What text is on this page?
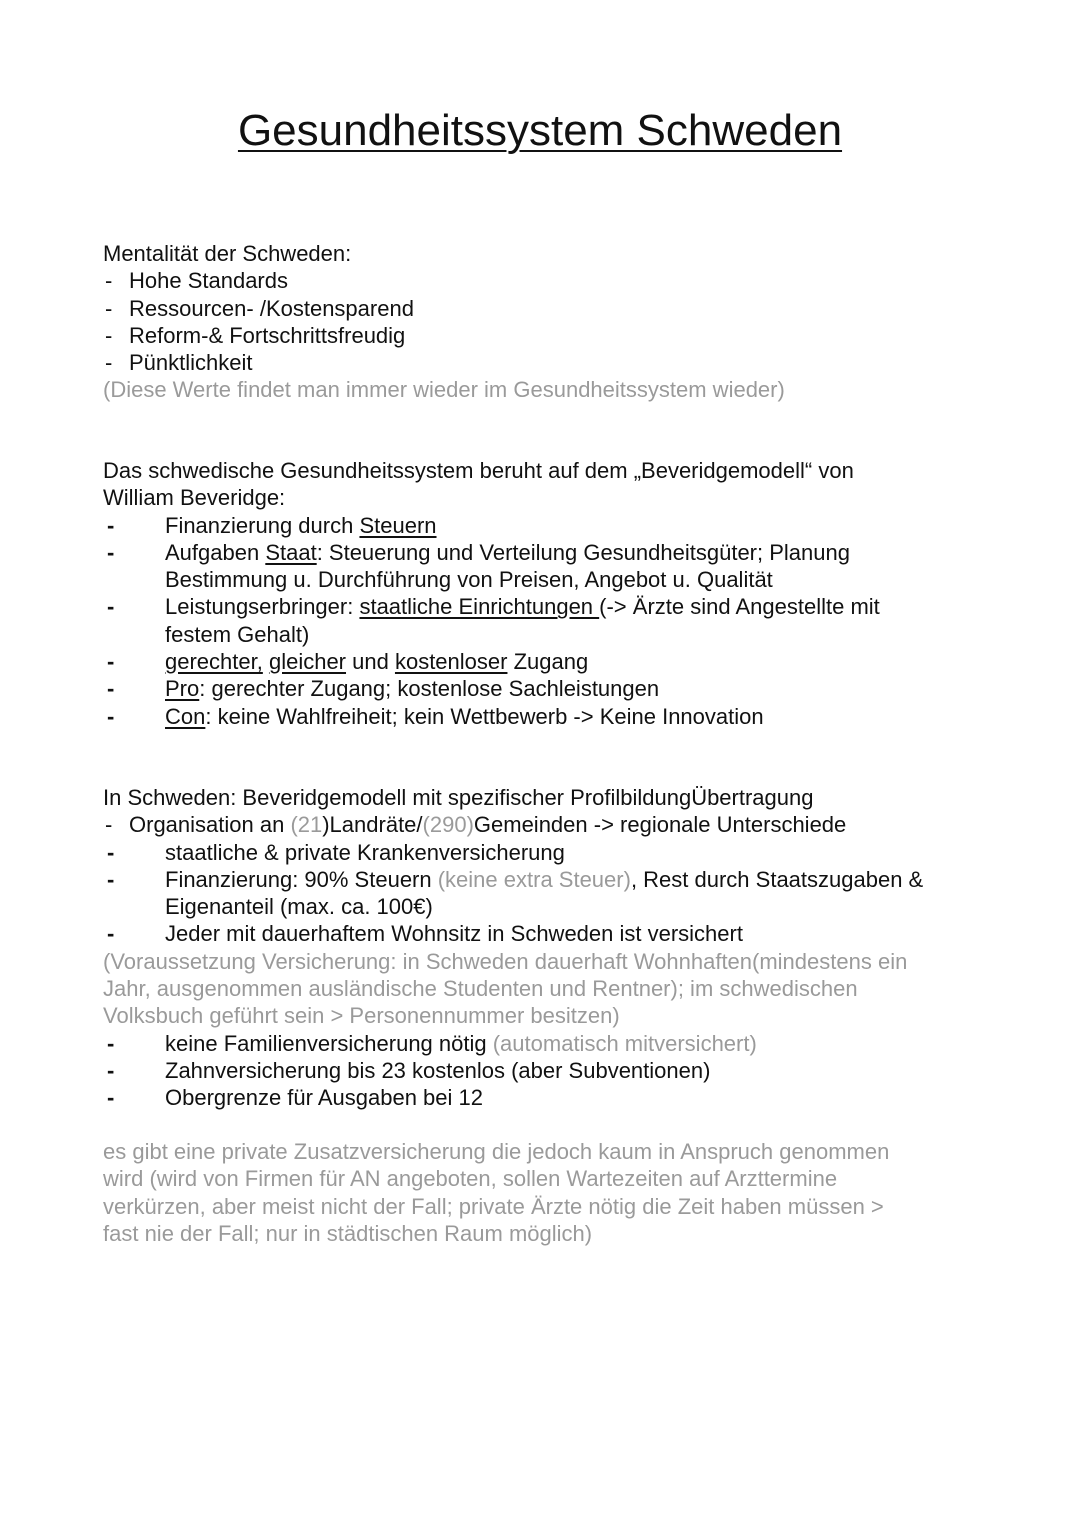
Gesundheitssystem Schweden

Mentalität der Schweden:

- Hohe Standards

- Ressourcen- /Kostensparend

- Reform-& Fortschrittsfreudig

- Pünktlichkeit

(Diese Werte findet man immer wieder im Gesundheitssystem wieder)

Das schwedische Gesundheitssystem beruht auf dem „Beveridgemodell“ von

William Beveridge:

- Finanzierung durch Steuern
- Aufgaben Staat: Steuerung und Verteilung Gesundheitsgüter; Planung
Bestimmung u. Durchführung von Preisen, Angebot u. Qualität
- Leistungserbringer: staatliche Einrichtungen (-> Ärzte sind Angestellte mit
festem Gehalt)
- gerechter, gleicher und kostenloser Zugang
- Pro: gerechter Zugang; kostenlose Sachleistungen
- Con: keine Wahlfreiheit; kein Wettbewerb -> Keine Innovation

In Schweden: Beveridgemodell mit spezifischer ProfilbildungÜbertragung

- Organisation an (21)Landräte/(290)Gemeinden -> regionale Unterschiede

- staatliche & private Krankenversicherung
- Finanzierung: 90% Steuern (keine extra Steuer), Rest durch Staatszugaben &
Eigenanteil (max. ca. 100€)
- Jeder mit dauerhaftem Wohnsitz in Schweden ist versichert

(Voraussetzung Versicherung: in Schweden dauerhaft Wohnhaften(mindestens ein

Jahr, ausgenommen ausländische Studenten und Rentner); im schwedischen

Volksbuch geführt sein > Personennummer besitzen)

- keine Familienversicherung nötig (automatisch mitversichert)
- Zahnversicherung bis 23 kostenlos (aber Subventionen)
- Obergrenze für Ausgaben bei 12

es gibt eine private Zusatzversicherung die jedoch kaum in Anspruch genommen

wird (wird von Firmen für AN angeboten, sollen Wartezeiten auf Arzttermine

verkürzen, aber meist nicht der Fall; private Ärzte nötig die Zeit haben müssen >

fast nie der Fall; nur in städtischen Raum möglich)
